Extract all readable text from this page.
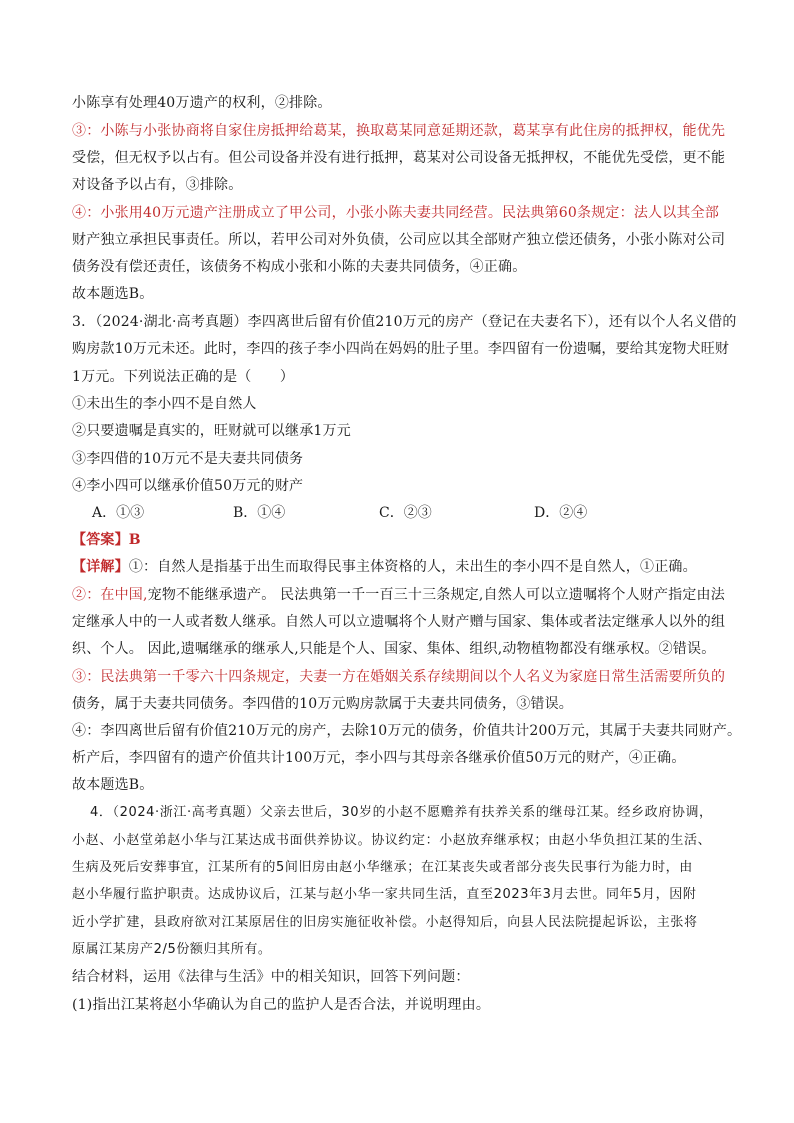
小陈享有处理40万遗产的权利，②排除。
③：小陈与小张协商将自家住房抵押给葛某，换取葛某同意延期还款，葛某享有此住房的抵押权，能优先
受偿，但无权予以占有。但公司设备并没有进行抵押，葛某对公司设备无抵押权，不能优先受偿，更不能
对设备予以占有，③排除。
④：小张用40万元遗产注册成立了甲公司，小张小陈夫妻共同经营。民法典第60条规定：法人以其全部
财产独立承担民事责任。所以，若甲公司对外负债，公司应以其全部财产独立偿还债务，小张小陈对公司
债务没有偿还责任，该债务不构成小张和小陈的夫妻共同债务，④正确。
故本题选B。
3．（2024·湖北·高考真题）李四离世后留有价值210万元的房产（登记在夫妻名下），还有以个人名义借的
购房款10万元未还。此时，李四的孩子李小四尚在妈妈的肚子里。李四留有一份遗嘱，要给其宠物犬旺财
1万元。下列说法正确的是（　　）
①未出生的李小四不是自然人
②只要遗嘱是真实的，旺财就可以继承1万元
③李四借的10万元不是夫妻共同债务
④李小四可以继承价值50万元的财产
A．①③	B．①④	C．②③	D．②④
【答案】B
【详解】①：自然人是指基于出生而取得民事主体资格的人，未出生的李小四不是自然人，①正确。
②：在中国,宠物不能继承遗产。 民法典第一千一百三十三条规定,自然人可以立遗嘱将个人财产指定由法
定继承人中的一人或者数人继承。自然人可以立遗嘱将个人财产赠与国家、集体或者法定继承人以外的组
织、个人。 因此,遗嘱继承的继承人,只能是个人、国家、集体、组织,动物植物都没有继承权。②错误。
③：民法典第一千零六十四条规定，夫妻一方在婚姻关系存续期间以个人名义为家庭日常生活需要所负的
债务，属于夫妻共同债务。李四借的10万元购房款属于夫妻共同债务，③错误。
④：李四离世后留有价值210万元的房产，去除10万元的债务，价值共计200万元，其属于夫妻共同财产。
析产后，李四留有的遗产价值共计100万元，李小四与其母亲各继承价值50万元的财产，④正确。
故本题选B。
4．（2024·浙江·高考真题）父亲去世后，30岁的小赵不愿赡养有扶养关系的继母江某。经乡政府协调，
小赵、小赵堂弟赵小华与江某达成书面供养协议。协议约定：小赵放弃继承权；由赵小华负担江某的生活、
生病及死后安葬事宜，江某所有的5间旧房由赵小华继承；在江某丧失或者部分丧失民事行为能力时，由
赵小华履行监护职责。达成协议后，江某与赵小华一家共同生活，直至2023年3月去世。同年5月，因附
近小学扩建，县政府欲对江某原居住的旧房实施征收补偿。小赵得知后，向县人民法院提起诉讼，主张将
原属江某房产2/5份额归其所有。
结合材料，运用《法律与生活》中的相关知识，回答下列问题：
(1)指出江某将赵小华确认为自己的监护人是否合法，并说明理由。
